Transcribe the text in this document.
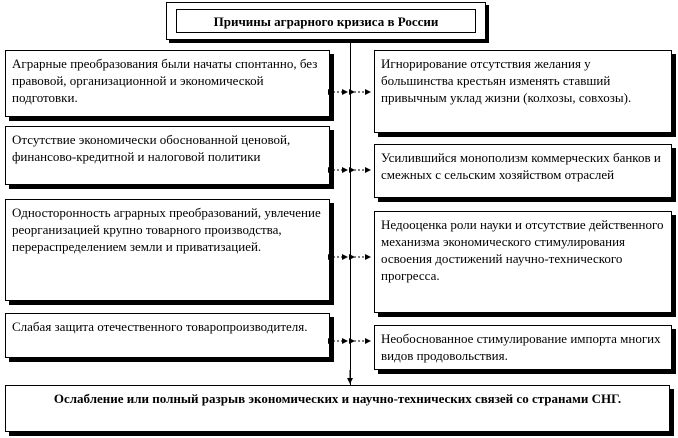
Причины аграрного кризиса в России
Аграрные преобразования были начаты спонтанно, без правовой, организационной и экономической подготовки.
Отсутствие экономически обоснованной ценовой, финансово-кредитной и налоговой политики
Односторонность аграрных преобразований, увлечение реорганизацией крупно товарного производства, перераспределением земли и приватизацией.
Слабая защита отечественного товаропроизводителя.
Игнорирование отсутствия желания у большинства крестьян изменять ставший привычным уклад жизни (колхозы, совхозы).
Усилившийся монополизм коммерческих банков и смежных с сельским хозяйством отраслей
Недооценка роли науки и отсутствие действенного механизма экономического стимулирования освоения достижений научно-технического прогресса.
Необоснованное стимулирование импорта многих видов продовольствия.
Ослабление или полный разрыв экономических и научно-технических связей со странами СНГ.
